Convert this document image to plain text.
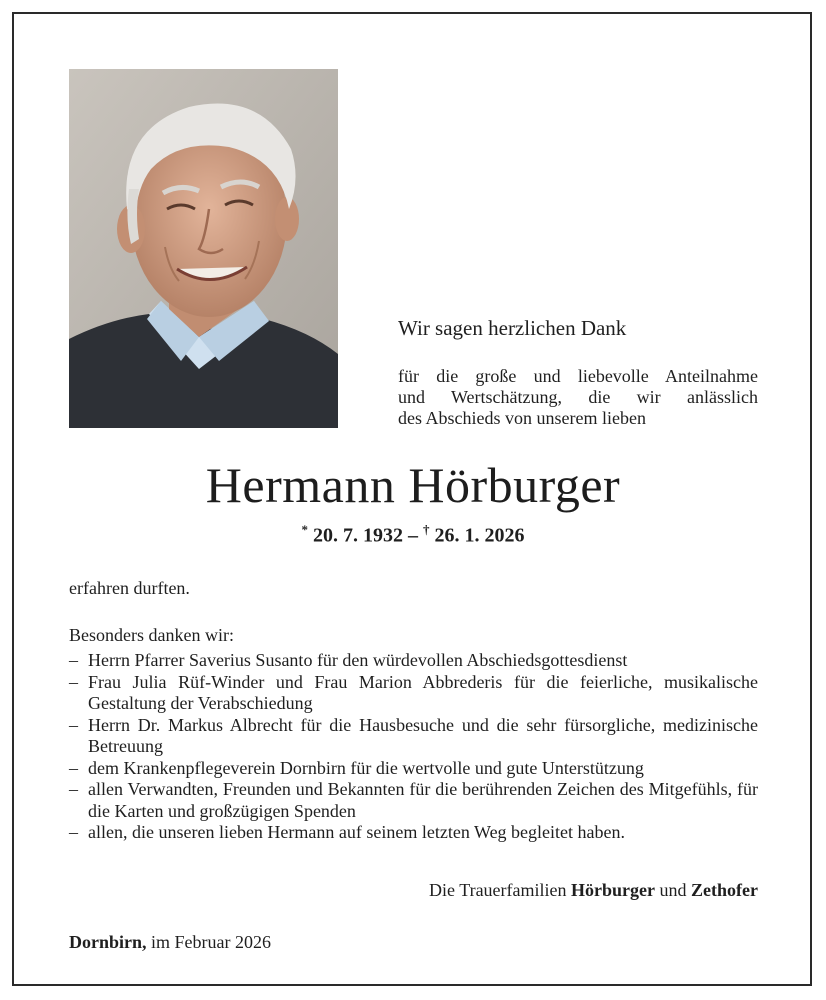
Wir sagen herzlichen Dank
für die große und liebevolle Anteilnahme
und Wertschätzung, die wir anlässlich
des Abschieds von unserem lieben
Hermann Hörburger
* 20. 7. 1932 – † 26. 1. 2026
erfahren durften.
Besonders danken wir:
– Herrn Pfarrer Saverius Susanto für den würdevollen Abschiedsgottesdienst
– Frau Julia Rüf-Winder und Frau Marion Abbrederis für die feierliche, musikalische Gestaltung der Verabschiedung
– Herrn Dr. Markus Albrecht für die Hausbesuche und die sehr fürsorgliche, medizinische Betreuung
– dem Krankenpflegeverein Dornbirn für die wertvolle und gute Unterstützung
– allen Verwandten, Freunden und Bekannten für die berührenden Zeichen des Mitgefühls, für die Karten und großzügigen Spenden
– allen, die unseren lieben Hermann auf seinem letzten Weg begleitet haben.
Die Trauerfamilien Hörburger und Zethofer
Dornbirn, im Februar 2026
